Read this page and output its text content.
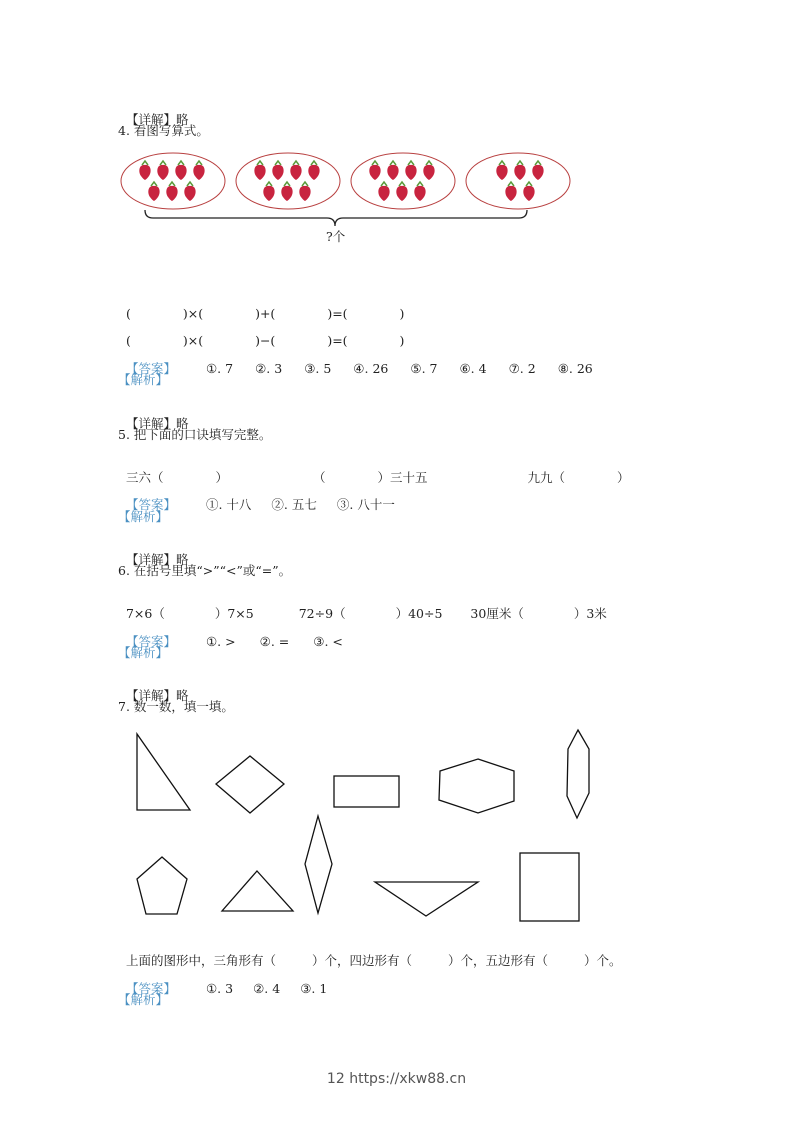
【详解】略

4. 看图写算式。
?个

(	)×(	)+(	)=(	)

(	)×(	)−(	)=(	)

【答案】 ①. 7 ②. 3 ③. 5 ④. 26 ⑤. 7 ⑥. 4 ⑦. 2 ⑧. 26

【解析】

【详解】略

5. 把下面的口诀填写完整。

三六（	）	（	）三十五	九九（	）

【答案】 ①. 十八 ②. 五七 ③. 八十一

【解析】

【详解】略

6. 在括号里填“>”“<”或“=”。

7×6（	）7×5	72÷9（	）40÷5 30厘米（	）3米

【答案】 ①. > ②. = ③. <

【解析】

【详解】略

7. 数一数，填一填。

上面的图形中，三角形有（	）个，四边形有（	）个，五边形有（	）个。

【答案】 ①. 3 ②. 4 ③. 1

【解析】
12 https://xkw88.cn
